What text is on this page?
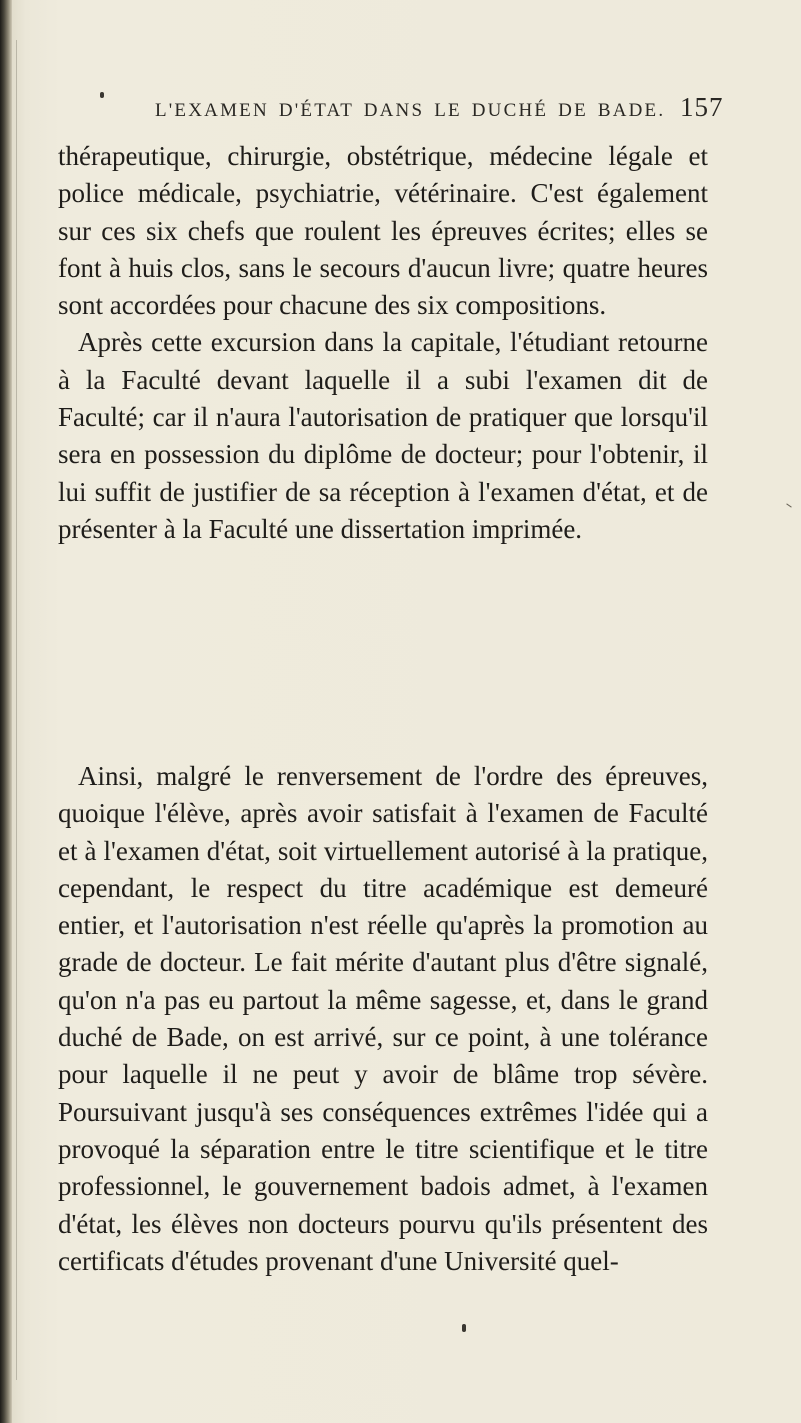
L'EXAMEN D'ÉTAT DANS LE DUCHÉ DE BADE. 157

thérapeutique, chirurgie, obstétrique, médecine légale et police médicale, psychiatrie, vétérinaire. C'est également sur ces six chefs que roulent les épreuves écrites; elles se font à huis clos, sans le secours d'aucun livre; quatre heures sont accordées pour chacune des six compositions.
Après cette excursion dans la capitale, l'étudiant retourne à la Faculté devant laquelle il a subi l'examen dit de Faculté; car il n'aura l'autorisation de pratiquer que lorsqu'il sera en possession du diplôme de docteur; pour l'obtenir, il lui suffit de justifier de sa réception à l'examen d'état, et de présenter à la Faculté une dissertation imprimée.

Ainsi, malgré le renversement de l'ordre des épreuves, quoique l'élève, après avoir satisfait à l'examen de Faculté et à l'examen d'état, soit virtuellement autorisé à la pratique, cependant, le respect du titre académique est demeuré entier, et l'autorisation n'est réelle qu'après la promotion au grade de docteur. Le fait mérite d'autant plus d'être signalé, qu'on n'a pas eu partout la même sagesse, et, dans le grand duché de Bade, on est arrivé, sur ce point, à une tolérance pour laquelle il ne peut y avoir de blâme trop sévère. Poursuivant jusqu'à ses conséquences extrêmes l'idée qui a provoqué la séparation entre le titre scientifique et le titre professionnel, le gouvernement badois admet, à l'examen d'état, les élèves non docteurs pourvu qu'ils présentent des certificats d'études provenant d'une Université quel-
